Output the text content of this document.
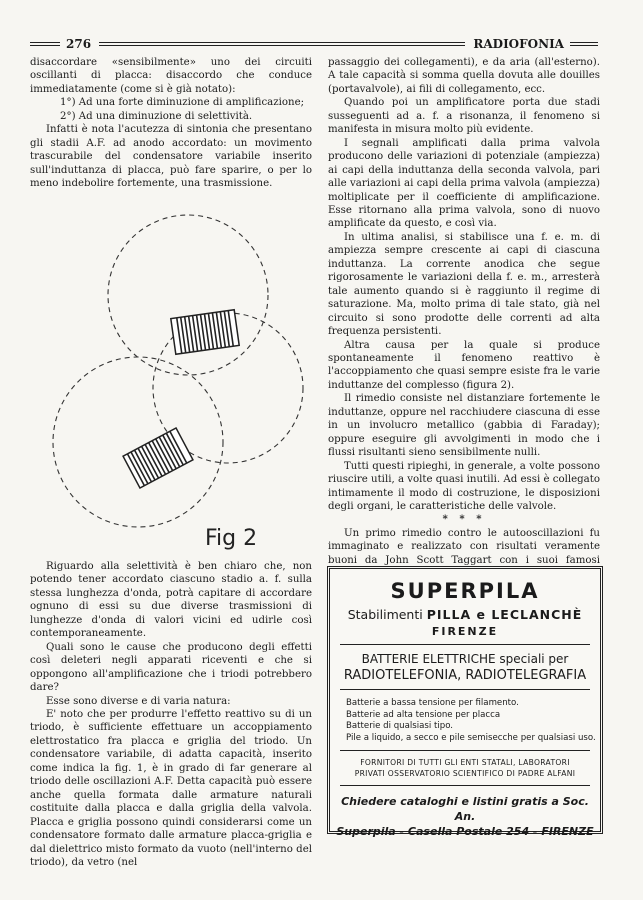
276	RADIOFONIA

disaccordare «sensibilmente» uno dei circuiti oscillanti di placca: disaccordo che conduce immediatamente (come si è già notato):

1°) Ad una forte diminuzione di amplificazione;

2°) Ad una diminuzione di selettività.

Infatti è nota l'acutezza di sintonia che presentano gli stadii A.F. ad anodo accordato: un movimento trascurabile del condensatore variabile inserito sull'induttanza di placca, può fare sparire, o per lo meno indebolire fortemente, una trasmissione.

Fig 2

Riguardo alla selettività è ben chiaro che, non potendo tener accordato ciascuno stadio a. f. sulla stessa lunghezza d'onda, potrà capitare di accordare ognuno di essi su due diverse trasmissioni di lunghezze d'onda di valori vicini ed udirle così contemporaneamente.

Quali sono le cause che producono degli effetti così deleteri negli apparati riceventi e che si oppongono all'amplificazione che i triodi potrebbero dare?

Esse sono diverse e di varia natura:

E' noto che per produrre l'effetto reattivo su di un triodo, è sufficiente effettuare un accoppiamento elettrostatico fra placca e griglia del triodo. Un condensatore variabile, di adatta capacità, inserito come indica la fig. 1, è in grado di far generare al triodo delle oscillazioni A.F. Detta capacità può essere anche quella formata dalle armature naturali costituite dalla placca e dalla griglia della valvola. Placca e griglia possono quindi considerarsi come un condensatore formato dalle armature placca-griglia e dal dielettrico misto formato da vuoto (nell'interno del triodo), da vetro (nel

passaggio dei collegamenti), e da aria (all'esterno). A tale capacità si somma quella dovuta alle douilles (portavalvole), ai fili di collegamento, ecc.

Quando poi un amplificatore porta due stadi susseguenti ad a. f. a risonanza, il fenomeno si manifesta in misura molto più evidente.

I segnali amplificati dalla prima valvola producono delle variazioni di potenziale (ampiezza) ai capi della induttanza della seconda valvola, pari alle variazioni ai capi della prima valvola (ampiezza) moltiplicate per il coefficiente di amplificazione. Esse ritornano alla prima valvola, sono di nuovo amplificate da questo, e così via.

In ultima analisi, si stabilisce una f. e. m. di ampiezza sempre crescente ai capi di ciascuna induttanza. La corrente anodica che segue rigorosamente le variazioni della f. e. m., arresterà tale aumento quando si è raggiunto il regime di saturazione. Ma, molto prima di tale stato, già nel circuito si sono prodotte delle correnti ad alta frequenza persistenti.

Altra causa per la quale si produce spontaneamente il fenomeno reattivo è l'accoppiamento che quasi sempre esiste fra le varie induttanze del complesso (figura 2).

Il rimedio consiste nel distanziare fortemente le induttanze, oppure nel racchiudere ciascuna di esse in un involucro metallico (gabbia di Faraday); oppure eseguire gli avvolgimenti in modo che i flussi risultanti sieno sensibilmente nulli.

Tutti questi ripieghi, in generale, a volte possono riuscire utili, a volte quasi inutili. Ad essi è collegato intimamente il modo di costruzione, le disposizioni degli organi, le caratteristiche delle valvole.

* * *

Un primo rimedio contro le autooscillazioni fu immaginato e realizzato con risultati veramente buoni da John Scott Taggart con i suoi famosi

SUPERPILA
Stabilimenti PILLA e LECLANCHÈ
FIRENZE
BATTERIE ELETTRICHE speciali per
RADIOTELEFONIA, RADIOTELEGRAFIA
Batterie a bassa tensione per filamento.
Batterie ad alta tensione per placca
Batterie di qualsiasi tipo.
Pile a liquido, a secco e pile semisecche per qualsiasi uso.
FORNITORI DI TUTTI GLI ENTI STATALI, LABORATORI
PRIVATI OSSERVATORIO SCIENTIFICO DI PADRE ALFANI
Chiedere cataloghi e listini gratis a Soc. An.
Superpila - Casella Postale 254 - FIRENZE
